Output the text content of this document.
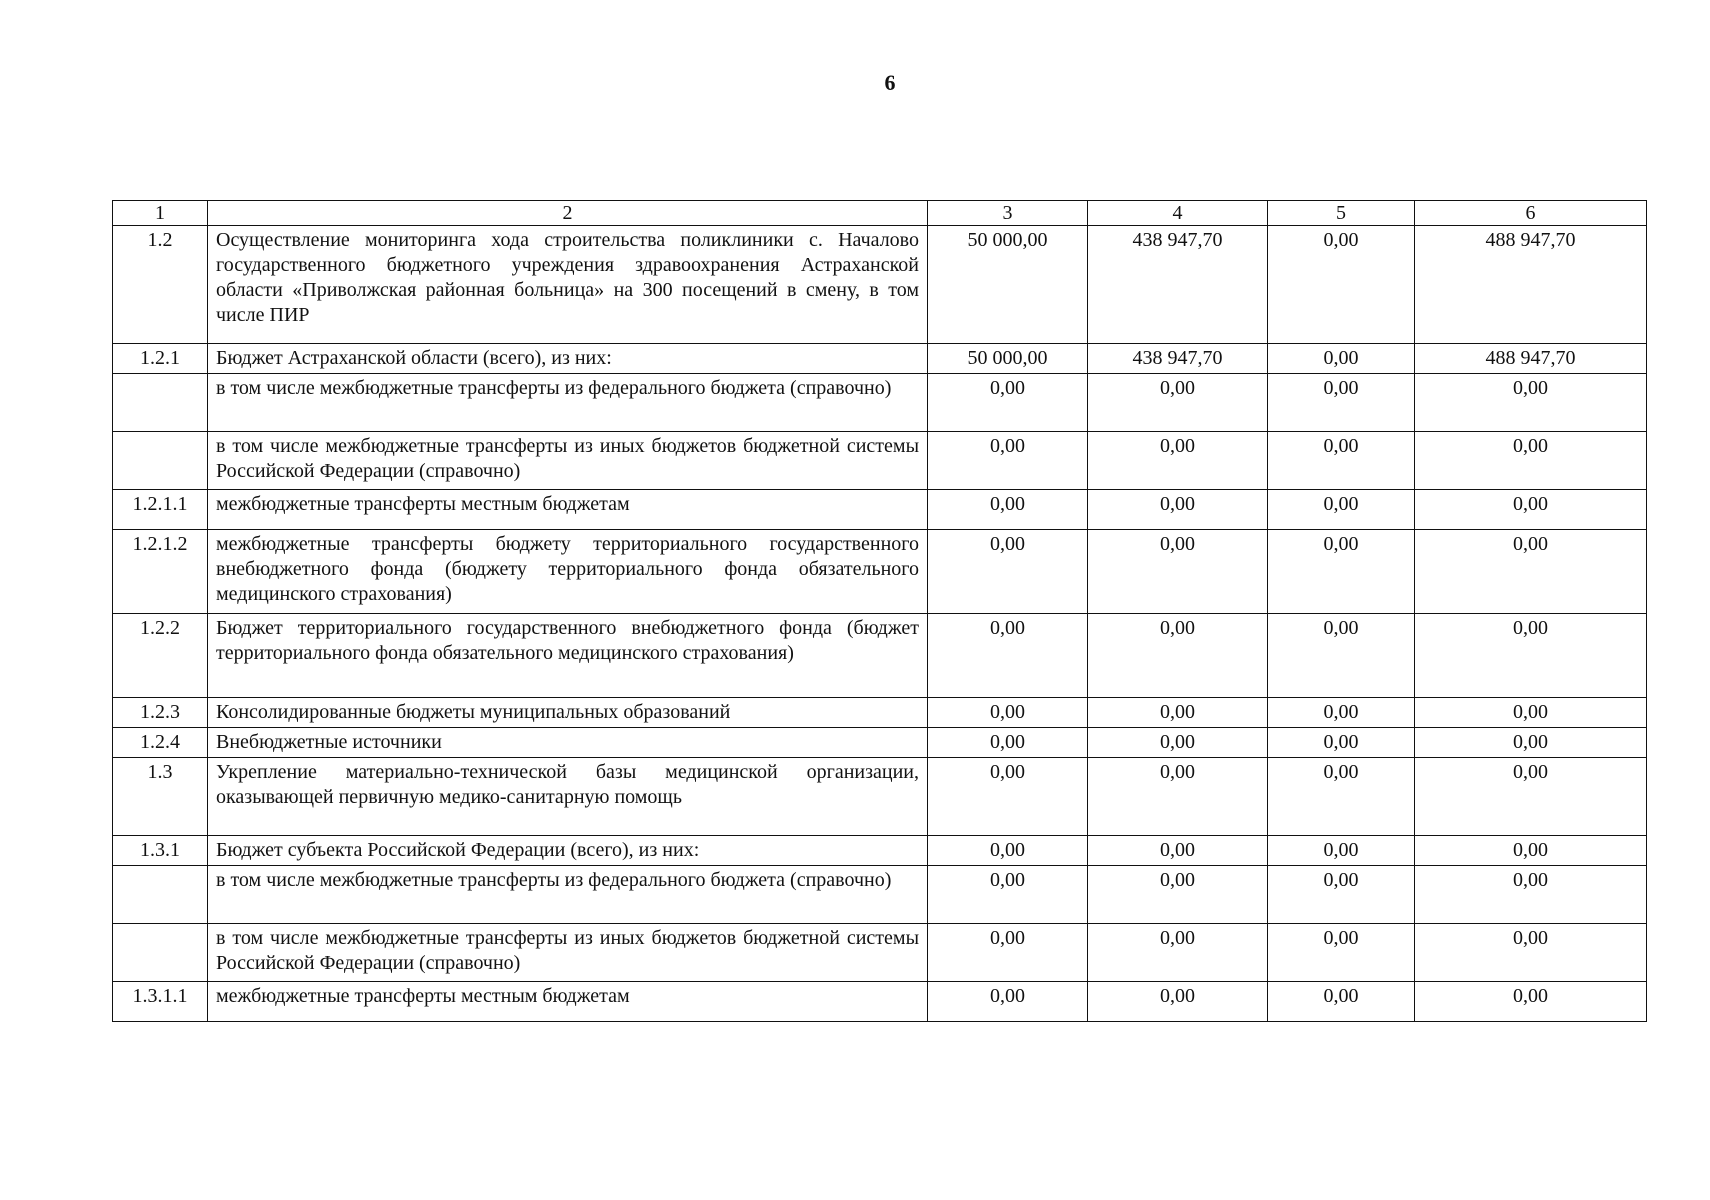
6
1	2	3	4	5	6
1.2	Осуществление мониторинга хода строительства поликлиники с. Началово государственного бюджетного учреждения здравоохранения Астраханской области «Приволжская районная больница» на 300 посещений в смену, в том числе ПИР	50 000,00	438 947,70	0,00	488 947,70
1.2.1	Бюджет Астраханской области (всего), из них:	50 000,00	438 947,70	0,00	488 947,70
	в том числе межбюджетные трансферты из федерального бюджета (справочно)	0,00	0,00	0,00	0,00
	в том числе межбюджетные трансферты из иных бюджетов бюджетной системы Российской Федерации (справочно)	0,00	0,00	0,00	0,00
1.2.1.1	межбюджетные трансферты местным бюджетам	0,00	0,00	0,00	0,00
1.2.1.2	межбюджетные трансферты бюджету территориального государственного внебюджетного фонда (бюджету территориального фонда обязательного медицинского страхования)	0,00	0,00	0,00	0,00
1.2.2	Бюджет территориального государственного внебюджетного фонда (бюджет территориального фонда обязательного медицинского страхования)	0,00	0,00	0,00	0,00
1.2.3	Консолидированные бюджеты муниципальных образований	0,00	0,00	0,00	0,00
1.2.4	Внебюджетные источники	0,00	0,00	0,00	0,00
1.3	Укрепление материально-технической базы медицинской организации, оказывающей первичную медико-санитарную помощь	0,00	0,00	0,00	0,00
1.3.1	Бюджет субъекта Российской Федерации (всего), из них:	0,00	0,00	0,00	0,00
	в том числе межбюджетные трансферты из федерального бюджета (справочно)	0,00	0,00	0,00	0,00
	в том числе межбюджетные трансферты из иных бюджетов бюджетной системы Российской Федерации (справочно)	0,00	0,00	0,00	0,00
1.3.1.1	межбюджетные трансферты местным бюджетам	0,00	0,00	0,00	0,00
